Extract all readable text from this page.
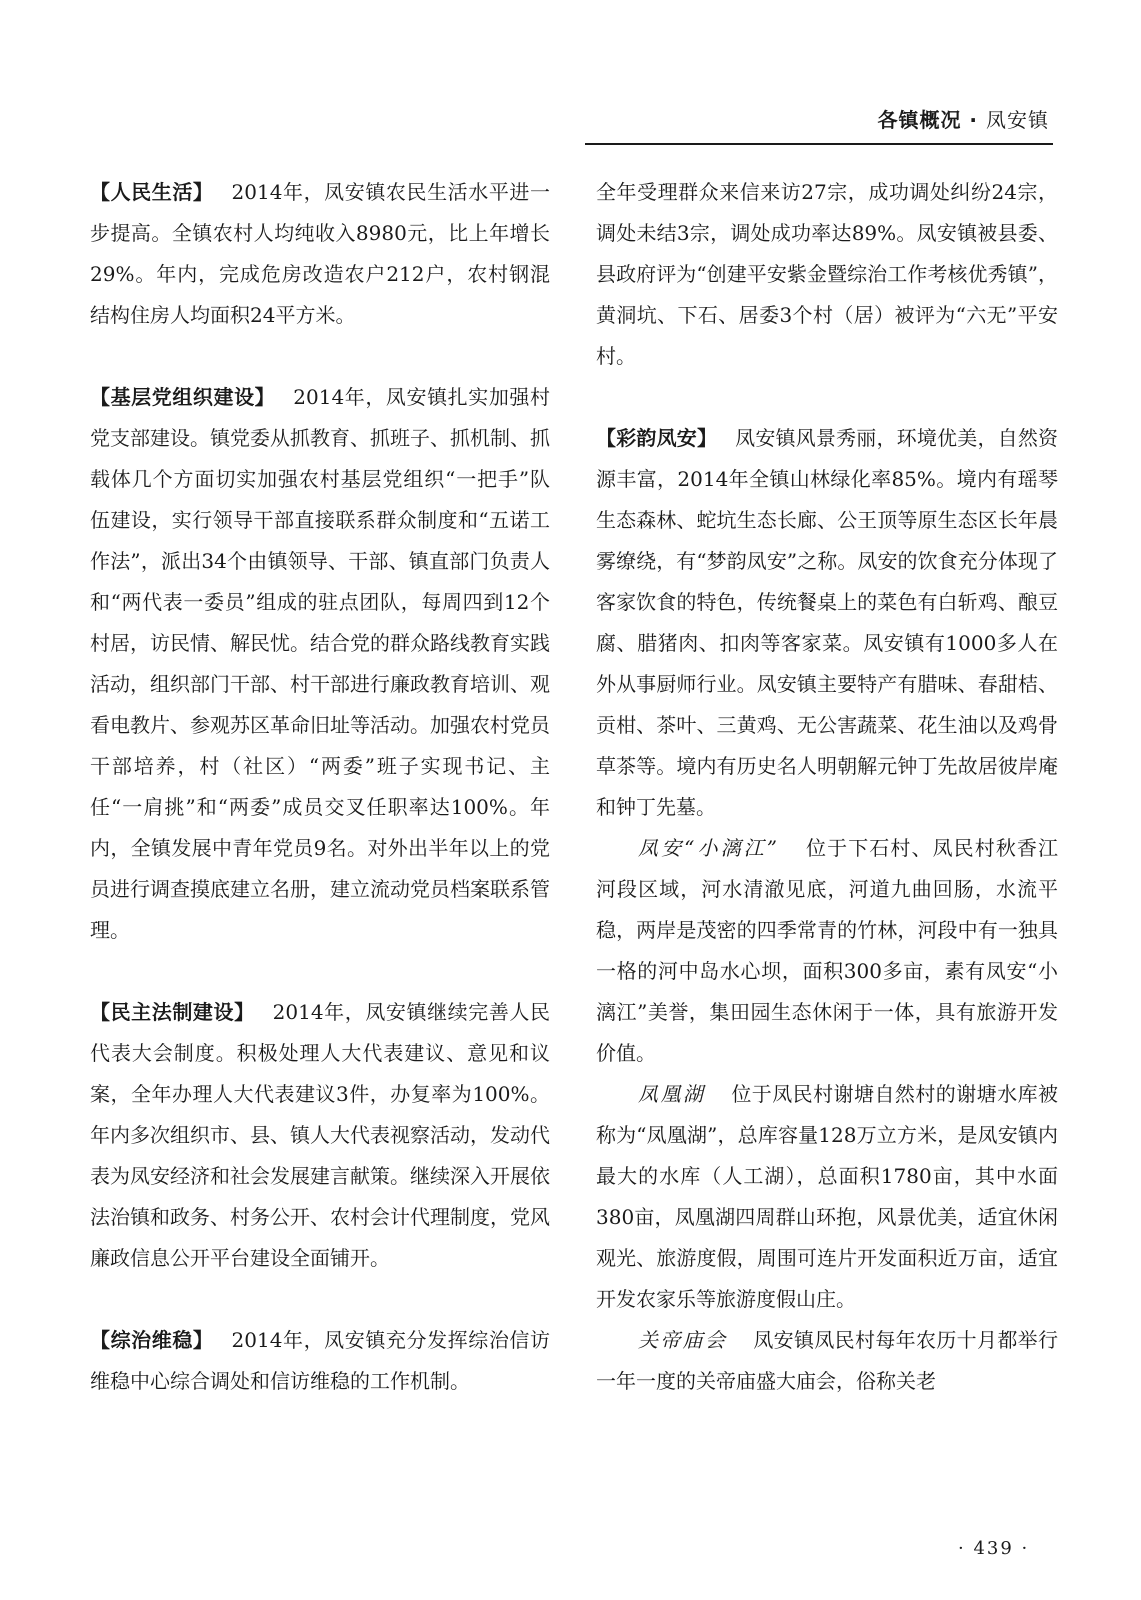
各镇概况 · 凤安镇

【人民生活】 2014年，凤安镇农民生活水平进一步提高。全镇农村人均纯收入8980元，比上年增长29%。年内，完成危房改造农户212户，农村钢混结构住房人均面积24平方米。

【基层党组织建设】 2014年，凤安镇扎实加强村党支部建设。镇党委从抓教育、抓班子、抓机制、抓载体几个方面切实加强农村基层党组织“一把手”队伍建设，实行领导干部直接联系群众制度和“五诺工作法”，派出34个由镇领导、干部、镇直部门负责人和“两代表一委员”组成的驻点团队，每周四到12个村居，访民情、解民忧。结合党的群众路线教育实践活动，组织部门干部、村干部进行廉政教育培训、观看电教片、参观苏区革命旧址等活动。加强农村党员干部培养，村（社区）“两委”班子实现书记、主任“一肩挑”和“两委”成员交叉任职率达100%。年内，全镇发展中青年党员9名。对外出半年以上的党员进行调查摸底建立名册，建立流动党员档案联系管理。

【民主法制建设】 2014年，凤安镇继续完善人民代表大会制度。积极处理人大代表建议、意见和议案，全年办理人大代表建议3件，办复率为100%。年内多次组织市、县、镇人大代表视察活动，发动代表为凤安经济和社会发展建言献策。继续深入开展依法治镇和政务、村务公开、农村会计代理制度，党风廉政信息公开平台建设全面铺开。

【综治维稳】 2014年，凤安镇充分发挥综治信访维稳中心综合调处和信访维稳的工作机制。

全年受理群众来信来访27宗，成功调处纠纷24宗，调处未结3宗，调处成功率达89%。凤安镇被县委、县政府评为“创建平安紫金暨综治工作考核优秀镇”，黄洞坑、下石、居委3个村（居）被评为“六无”平安村。

【彩韵凤安】 凤安镇风景秀丽，环境优美，自然资源丰富，2014年全镇山林绿化率85%。境内有瑶琴生态森林、蛇坑生态长廊、公王顶等原生态区长年晨雾缭绕，有“梦韵凤安”之称。凤安的饮食充分体现了客家饮食的特色，传统餐桌上的菜色有白斩鸡、酿豆腐、腊猪肉、扣肉等客家菜。凤安镇有1000多人在外从事厨师行业。凤安镇主要特产有腊味、春甜桔、贡柑、茶叶、三黄鸡、无公害蔬菜、花生油以及鸡骨草茶等。境内有历史名人明朝解元钟丁先故居彼岸庵和钟丁先墓。

凤安“小漓江” 位于下石村、凤民村秋香江河段区域，河水清澈见底，河道九曲回肠，水流平稳，两岸是茂密的四季常青的竹林，河段中有一独具一格的河中岛水心坝，面积300多亩，素有凤安“小漓江”美誉，集田园生态休闲于一体，具有旅游开发价值。

凤凰湖 位于凤民村谢塘自然村的谢塘水库被称为“凤凰湖”，总库容量128万立方米，是凤安镇内最大的水库（人工湖），总面积1780亩，其中水面380亩，凤凰湖四周群山环抱，风景优美，适宜休闲观光、旅游度假，周围可连片开发面积近万亩，适宜开发农家乐等旅游度假山庄。

关帝庙会 凤安镇凤民村每年农历十月都举行一年一度的关帝庙盛大庙会，俗称关老

· 439 ·
